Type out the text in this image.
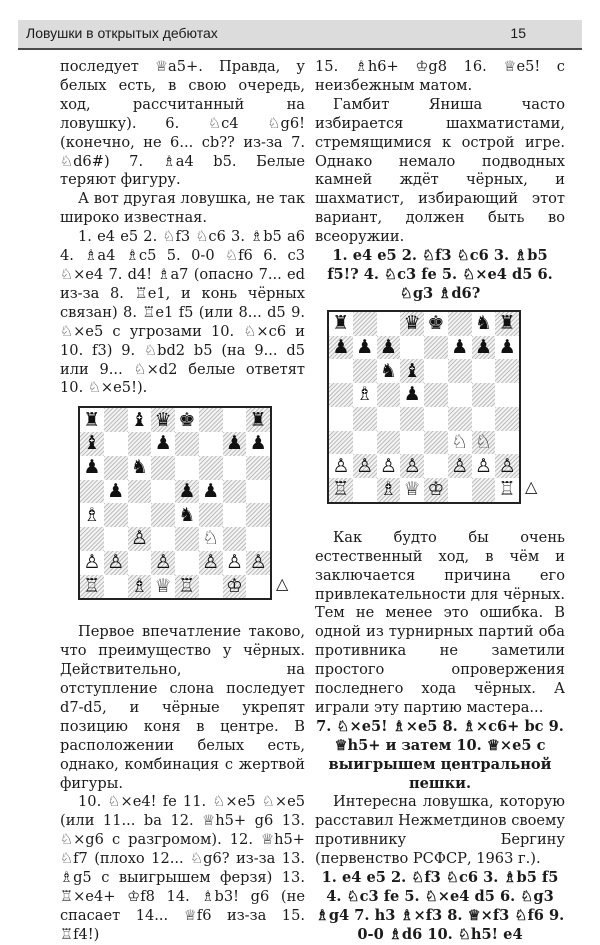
Ловушки в открытых дебютах	15

последует ♕a5+. Правда, у белых есть, в свою очередь, ход, рассчитанный на ловушку). 6. ♘c4 ♘g6! (конечно, не 6... cb?? из-за 7. ♘d6#) 7. ♗a4 b5. Белые теряют фигуру.

А вот другая ловушка, не так широко известная.

1. e4 e5 2. ♘f3 ♘c6 3. ♗b5 a6 4. ♗a4 ♗c5 5. 0-0 ♘f6 6. c3 ♘×e4 7. d4! ♗a7 (опасно 7... ed из-за 8. ♖e1, и конь чёрных связан) 8. ♖e1 f5 (или 8... d5 9. ♘×e5 с угрозами 10. ♘×c6 и 10. f3) 9. ♘bd2 b5 (на 9... d5 или 9... ♘×d2 белые ответят 10. ♘×e5!).

♜ ♝ ♛ ♚	♜
♝	♟	♟ ♟
♟ ♞
♟	♟ ♟
♗	♞
♙	♘
♙ ♙ ♙ ♙ ♙ ♙
♖ ♗ ♕ ♖ ♔ △

Первое впечатление таково, что преимущество у чёрных. Действительно, на отступление слона последует d7-d5, и чёрные укрепят позицию коня в центре. В расположении белых есть, однако, комбинация с жертвой фигуры.

10. ♘×e4! fe 11. ♘×e5 ♘×e5 (или 11... ba 12. ♕h5+ g6 13. ♘×g6 с разгромом). 12. ♕h5+ ♘f7 (плохо 12... ♘g6? из-за 13. ♗g5 с выигрышем ферзя) 13. ♖×e4+ ♔f8 14. ♗b3! g6 (не спасает 14... ♕f6 из-за 15. ♖f4!)

15. ♗h6+ ♔g8 16. ♕e5! с неизбежным матом.

Гамбит Яниша часто избирается шахматистами, стремящимися к острой игре. Однако немало подводных камней ждёт чёрных, и шахматист, избирающий этот вариант, должен быть во всеоружии.

1. e4 e5 2. ♘f3 ♘c6 3. ♗b5 f5!? 4. ♘c3 fe 5. ♘×e4 d5 6. ♘g3 ♗d6?

♜	♛ ♚ ♞ ♜
♟ ♟ ♟	♟ ♟ ♟
♞ ♝
♗ ♟
♘ ♘
♙ ♙ ♙ ♙ ♙ ♙ ♙
♖ ♗ ♕ ♔	♖ △

Как будто бы очень естественный ход, в чём и заключается причина его привлекательности для чёрных. Тем не менее это ошибка. В одной из турнирных партий оба противника не заметили простого опровержения последнего хода чёрных. А играли эту партию мастера...

7. ♘×e5! ♗×e5 8. ♗×c6+ bc 9. ♕h5+ и затем 10. ♕×e5 с выигрышем центральной пешки.

Интересна ловушка, которую расставил Нежметдинов своему противнику Бергину (первенство РСФСР, 1963 г.).

1. e4 e5 2. ♘f3 ♘c6 3. ♗b5 f5 4. ♘c3 fe 5. ♘×e4 d5 6. ♘g3 ♗g4 7. h3 ♗×f3 8. ♕×f3 ♘f6 9. 0-0 ♗d6 10. ♘h5! e4
